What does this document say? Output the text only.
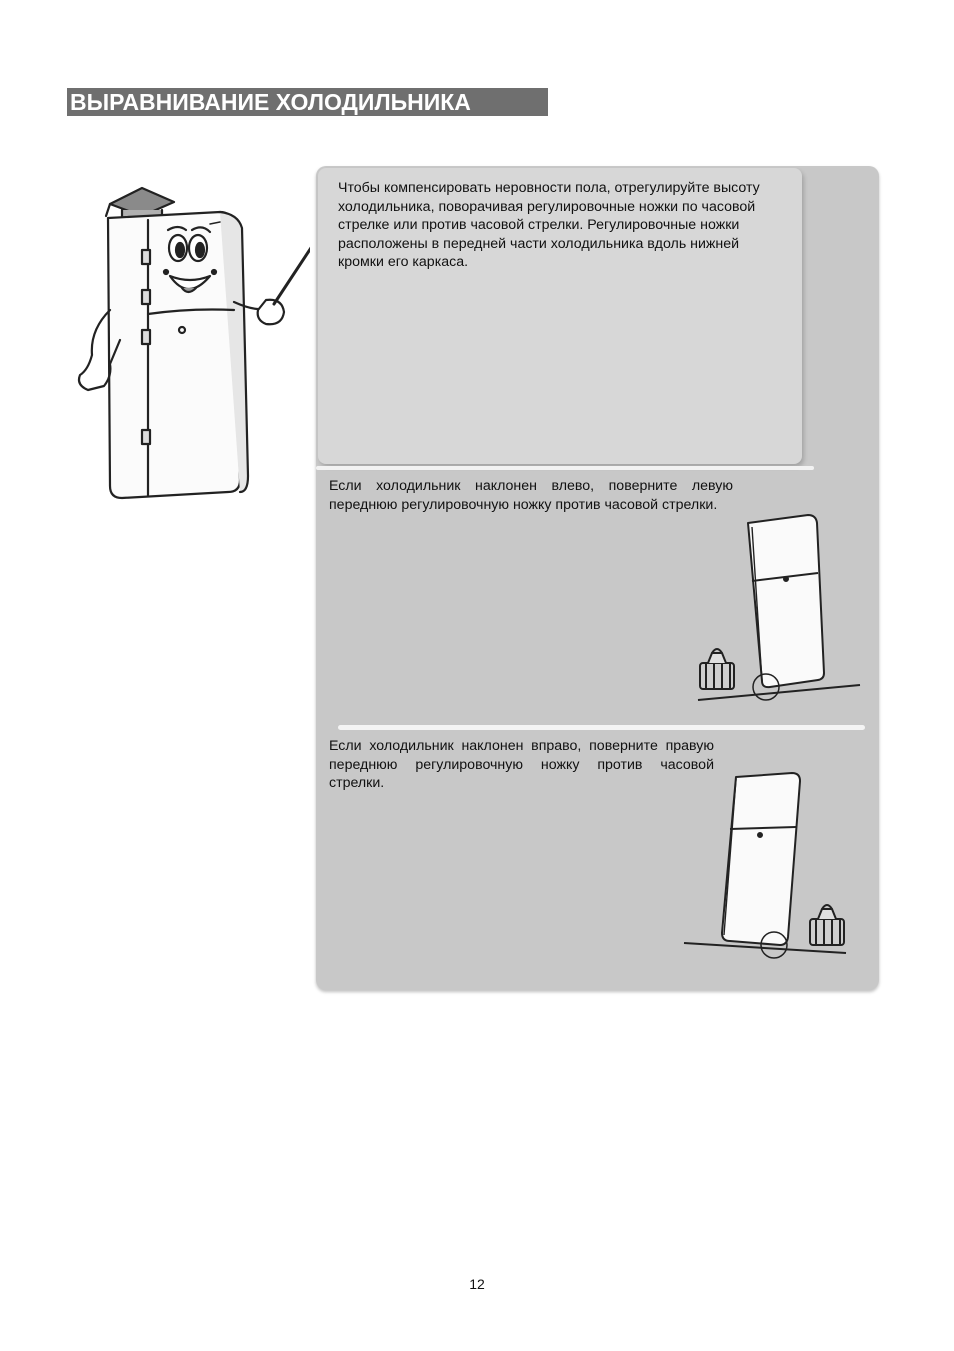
ВЫРАВНИВАНИЕ ХОЛОДИЛЬНИКА
Чтобы компенсировать неровности пола, отрегулируйте высоту холодильника, поворачивая регулировочные ножки по часовой стрелке или против часовой стрелки. Регулировочные ножки расположены в передней части холодильника вдоль нижней кромки его каркаса.
Если холодильник наклонен влево, поверните левую переднюю регулировочную ножку против часовой стрелки.
Если холодильник наклонен вправо, поверните правую переднюю регулировочную ножку против часовой стрелки.
12
